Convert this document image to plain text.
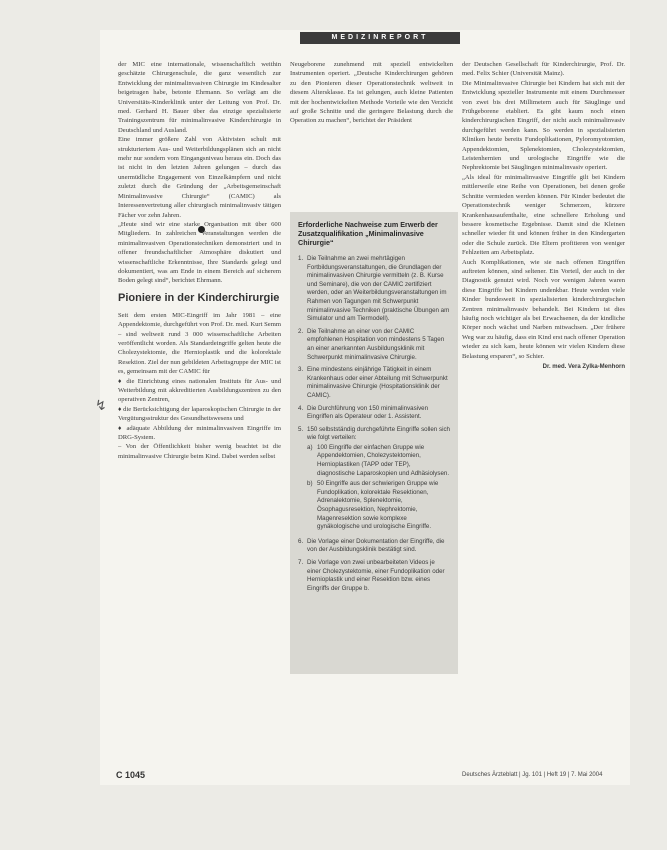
MEDIZINREPORT
↯

der MIC eine internationale, wissenschaftlich weithin geschätzte Chirurgenschule, die ganz wesentlich zur Entwicklung der minimalinvasiven Chirurgie im Kindesalter beigetragen habe, betonte Ehrmann. So verlägt am die Universitäts-Kinderklinik unter der Leitung von Prof. Dr. med. Gerhard H. Bauer über das einzige spezialisierte Trainingszentrum für minimalinvasive Kinderchirurgie in Deutschland und Ausland.

Eine immer größere Zahl von Aktivisten schult mit strukturiertem Aus- und Weiterbildungsplänen sich an nicht mehr nur sondern vom Eingangsniveau heraus ein. Doch das ist nicht in den letzten Jahren gelungen – durch das unermüdliche Engagement von Einzelkämpfern und nicht zuletzt durch die Gründung der „Arbeitsgemeinschaft Minimalinvasive Chirurgie“ (CAMIC) als Interessenvertretung aller chirurgisch minimalinvasiv tätigen Fächer vor zehn Jahren.

„Heute sind wir eine starke Organisation mit über 600 Mitgliedern. In zahlreichen Veranstaltungen werden die minimalinvasiven Operationstechniken demonstriert und in offener freundschaftlicher Atmosphäre diskutiert und wissenschaftliche Erkenntnisse, Ihre Standards gelegt und dokumentiert, was am Ende in einem Bereich auf sicherem Boden gelegt sind“, berichtet Ehrmann.

Pioniere in der Kinderchirurgie

Seit dem ersten MIC-Eingriff im Jahr 1981 – eine Appendektomie, durchgeführt von Prof. Dr. med. Kurt Semm – sind weltweit rund 3 000 wissenschaftliche Arbeiten veröffentlicht worden. Als Standardeingriffe gelten heute die Cholezystektomie, die Hernioplastik und die kolorektale Resektion. Ziel der nun gebildeten Arbeitsgruppe der MIC ist es, gemeinsam mit der CAMIC für

♦ die Einrichtung eines nationalen Instituts für Aus- und Weiterbildung mit akkreditierten Ausbildungszentren zu den operativen Zentren,

♦ die Berücksichtigung der laparoskopischen Chirurgie in der Vergütungsstruktur des Gesundheitswesens und

♦ adäquate Abbildung der minimalinvasiven Eingriffe im DRG-System.

– Von der Öffentlichkeit bisher wenig beachtet ist die minimalinvasive Chirurgie beim Kind. Dabei werden selbst

Neugeborene zunehmend mit speziell entwickelten Instrumenten operiert. „Deutsche Kinderchirurgen gehören zu den Pionieren dieser Operationstechnik weltweit in diesem Altersklasse. Es ist gelungen, auch kleine Patienten mit der hochentwickelten Methode Vorteile wie den Verzicht auf große Schnitte und die geringere Belastung durch die Operation zu machen“, berichtet der Präsident

Erforderliche Nachweise zum Erwerb der Zusatzqualifikation „Minimalinvasive Chirurgie“
1. Die Teilnahme an zwei mehrtägigen Fortbildungsveranstaltungen, die Grundlagen der minimalinvasiven Chirurgie vermitteln (z. B. Kurse und Seminare), die von der CAMIC zertifiziert werden, oder an Weiterbildungsveranstaltungen im Rahmen von Tagungen mit Schwerpunkt minimalinvasive Techniken (praktische Übungen am Simulator und am Tiermodell).
2. Die Teilnahme an einer von der CAMIC empfohlenen Hospitation von mindestens 5 Tagen an einer anerkannten Ausbildungsklinik mit Schwerpunkt minimalinvasive Chirurgie.
3. Eine mindestens einjährige Tätigkeit in einem Krankenhaus oder einer Abteilung mit Schwerpunkt minimalinvasive Chirurgie (Hospitationsklinik der CAMIC).
4. Die Durchführung von 150 minimalinvasiven Eingriffen als Operateur oder 1. Assistent.
5. 150 selbstständig durchgeführte Eingriffe sollen sich wie folgt verteilen:
a) 100 Eingriffe der einfachen Gruppe wie Appendektomien, Cholezystektomien, Hernioplastiken (TAPP oder TEP), diagnostische Laparoskopien und Adhäsiolysen.
b) 50 Eingriffe aus der schwierigen Gruppe wie Fundoplikation, kolorektale Resektionen, Adrenalektomie, Splenektomie, Ösophagusresektion, Nephrektomie, Magenresektion sowie komplexe gynäkologische und urologische Eingriffe.
6. Die Vorlage einer Dokumentation der Eingriffe, die von der Ausbildungsklinik bestätigt sind.
7. Die Vorlage von zwei unbearbeiteten Videos je einer Cholezystektomie, einer Fundoplikation oder Hernioplastik und einer Resektion bzw. eines Eingriffs der Gruppe b.

der Deutschen Gesellschaft für Kinderchirurgie, Prof. Dr. med. Felix Schier (Universität Mainz).

Die Minimalinvasive Chirurgie bei Kindern hat sich mit der Entwicklung spezieller Instrumente mit einem Durchmesser von zwei bis drei Millimetern auch für Säuglinge und Frühgeborene etabliert. Es gibt kaum noch einen kinderchirurgischen Eingriff, der nicht auch minimalinvasiv durchgeführt werden kann. So werden in spezialisierten Kliniken heute bereits Fundoplikationen, Pyloromyotomien, Appendektomien, Splenektomien, Cholezystektomien, Leistenhernien und urologische Eingriffe wie die Nephrektomie bei Säuglingen minimalinvasiv operiert.

„Als ideal für minimalinvasive Eingriffe gilt bei Kindern mittlerweile eine Reihe von Operationen, bei denen große Schnitte vermieden werden können. Für Kinder bedeutet die Operationstechnik weniger Schmerzen, kürzere Krankenhausaufenthalte, eine schnellere Erholung und bessere kosmetische Ergebnisse. Damit sind die Kleinen schneller wieder fit und können früher in den Kindergarten oder die Schule zurück. Die Eltern profitieren von weniger Fehlzeiten am Arbeitsplatz.

Auch Komplikationen, wie sie nach offenen Eingriffen auftreten können, sind seltener. Ein Vorteil, der auch in der Diagnostik genutzt wird. Noch vor wenigen Jahren waren diese Eingriffe bei Kindern undenkbar. Heute werden viele Kinder bundesweit in spezialisierten kinderchirurgischen Zentren minimalinvasiv behandelt. Bei Kindern ist dies häufig noch wichtiger als bei Erwachsenen, da der kindliche Körper noch wächst und Narben mitwachsen. „Der frühere Weg war zu häufig, dass ein Kind erst nach offener Operation wieder zu sich kam, heute können wir vielen Kindern diese Belastung ersparen“, so Schier.

Dr. med. Vera Zylka-Menhorn
C 1045	Deutsches Ärzteblatt | Jg. 101 | Heft 19 | 7. Mai 2004
